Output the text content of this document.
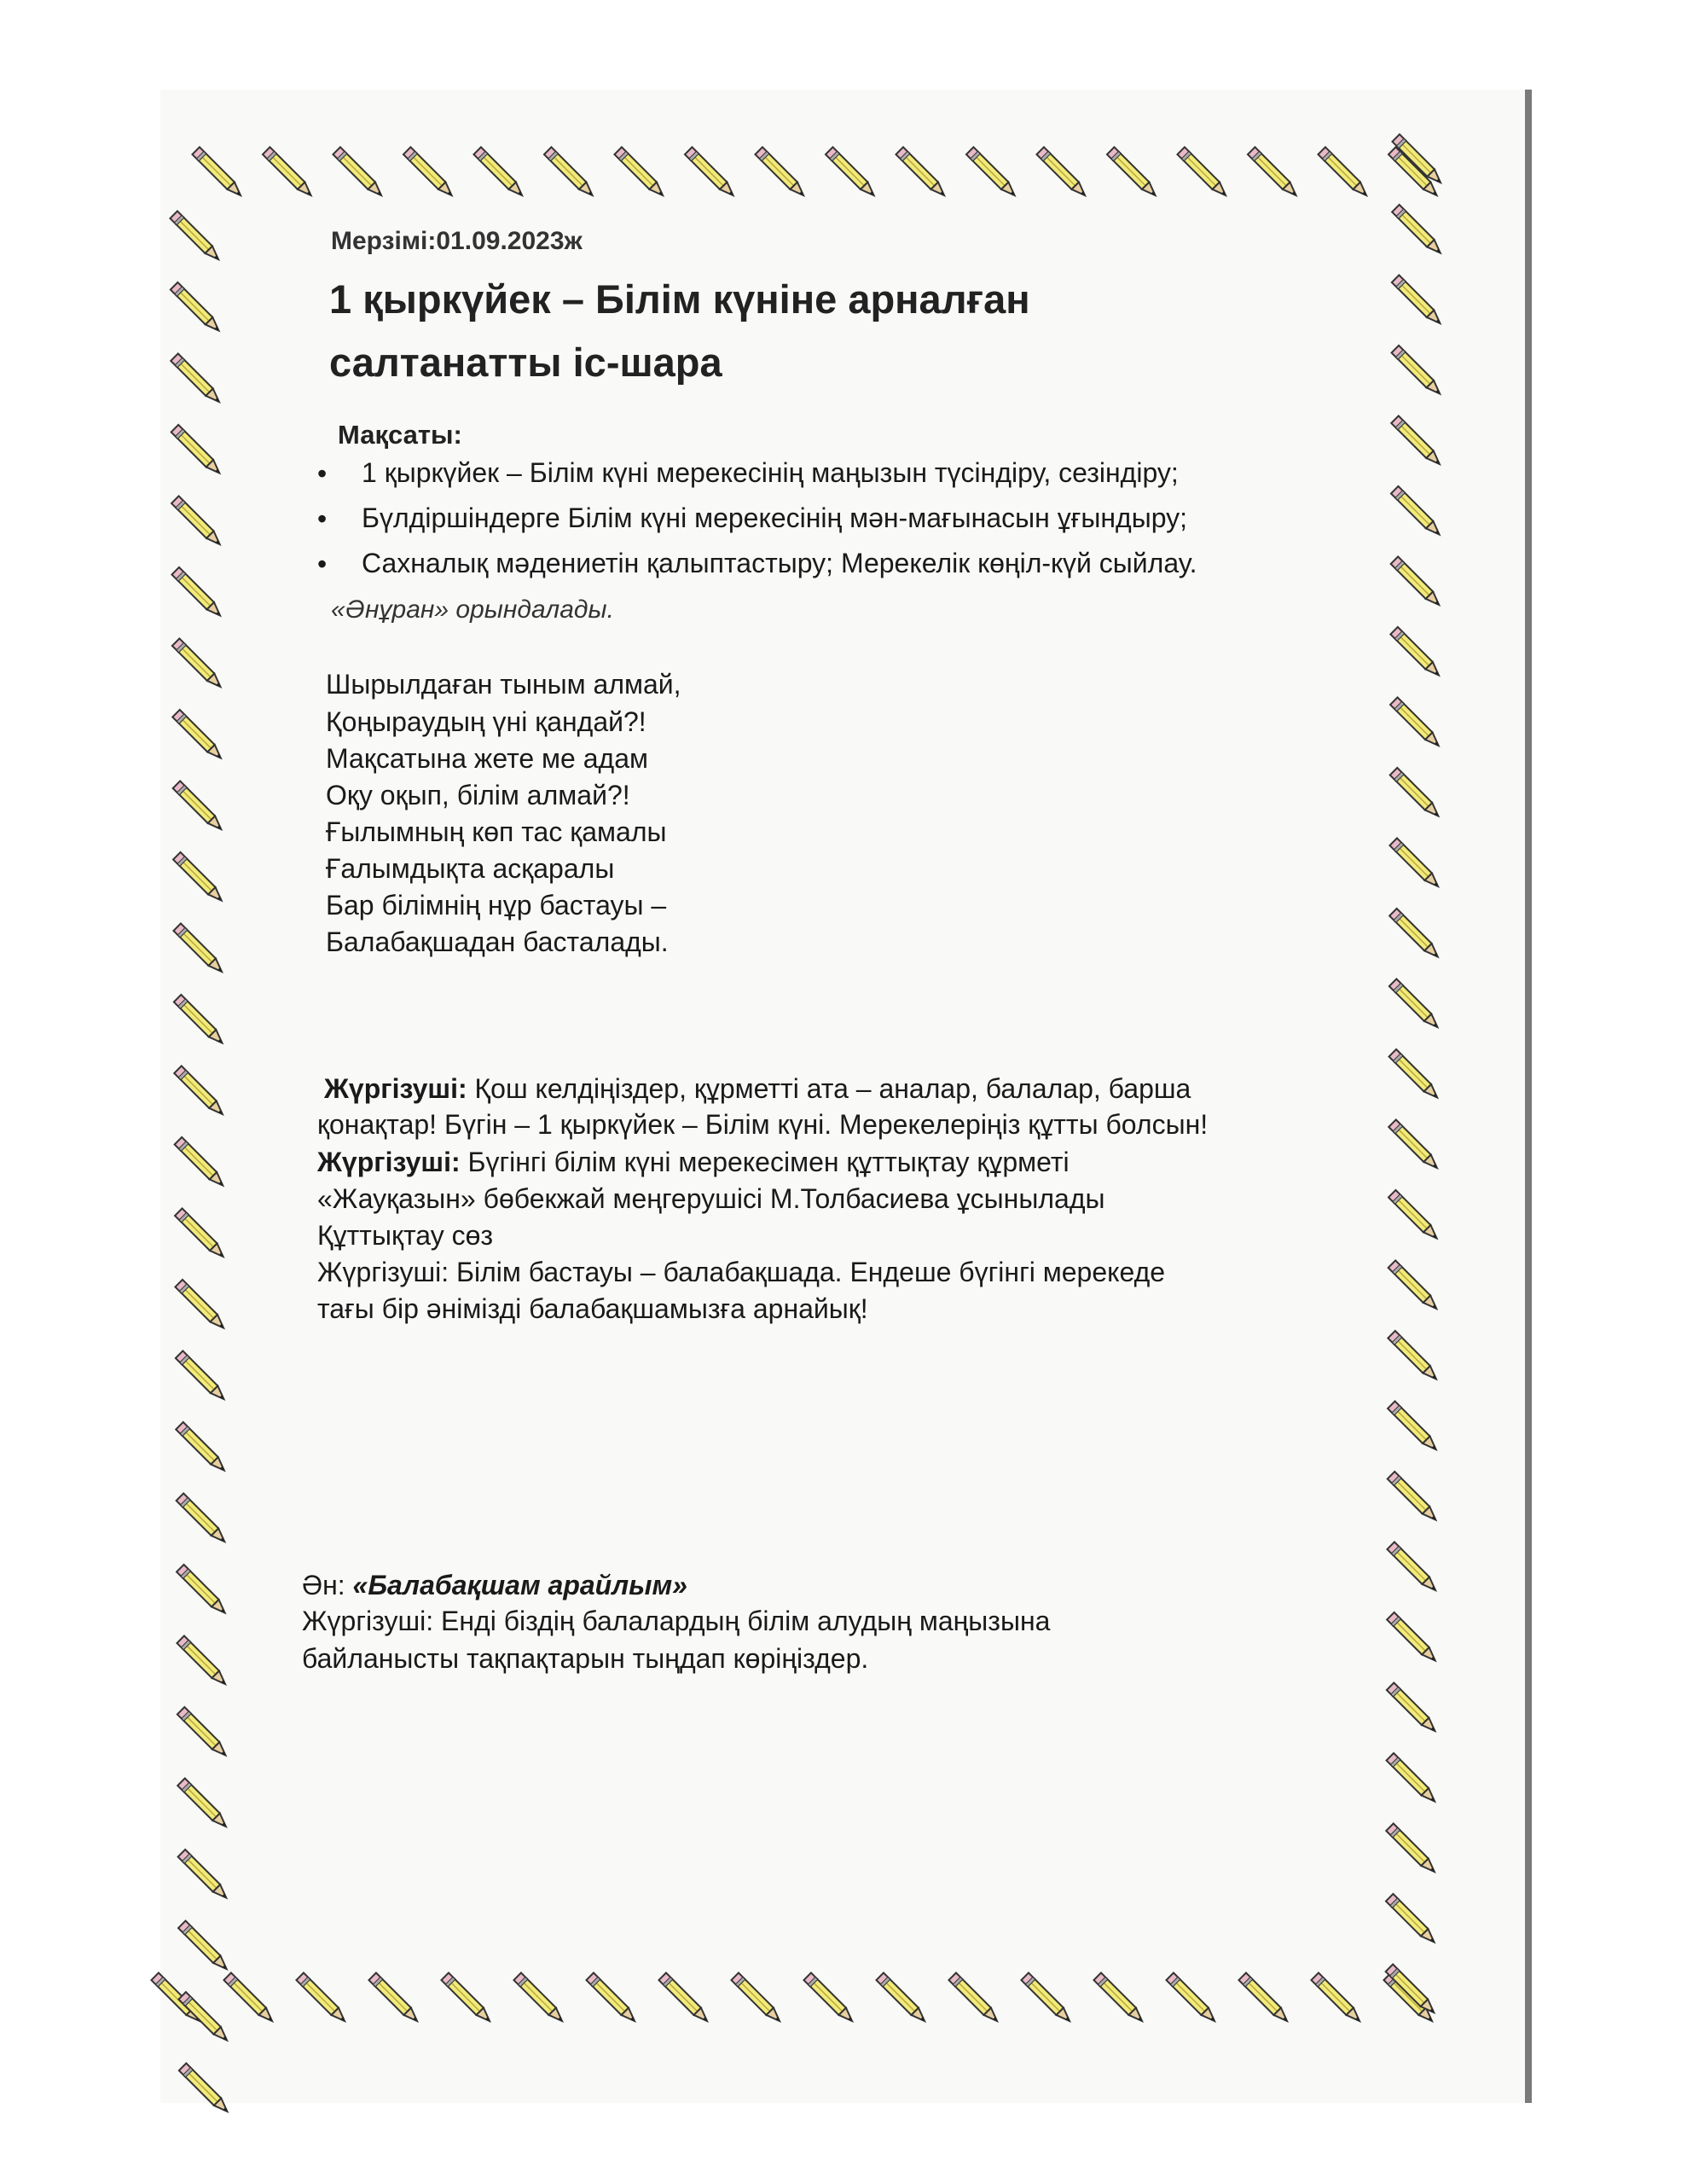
Мерзімі:01.09.2023ж
1 қыркүйек – Білім күніне арналған
салтанатты іс-шара
Мақсаты:
•
•
•
1 қыркүйек – Білім күні мерекесінің маңызын түсіндіру, сезіндіру;
Бүлдіршіндерге Білім күні мерекесінің мән-мағынасын ұғындыру;
Сахналық мәдениетін қалыптастыру; Мерекелік көңіл-күй сыйлау.
«Әнұран» орындалады.
Шырылдаған тыным алмай,
Қоңыраудың үні қандай?!
Мақсатына жете ме адам
Оқу оқып, білім алмай?!
Ғылымның көп тас қамалы
Ғалымдықта асқаралы
Бар білімнің нұр бастауы –
Балабақшадан басталады.
Жүргізуші: Қош келдіңіздер, құрметті ата – аналар, балалар, барша
қонақтар! Бүгін – 1 қыркүйек – Білім күні. Мерекелеріңіз құтты болсын!
Жүргізуші: Бүгінгі білім күні мерекесімен құттықтау құрметі
«Жауқазын» бөбекжай меңгерушісі М.Толбасиева ұсынылады
Құттықтау сөз
Жүргізуші: Білім бастауы – балабақшада. Ендеше бүгінгі мерекеде
тағы бір әнімізді балабақшамызға арнайық!
Ән: «Балабақшам арайлым»
Жүргізуші: Енді біздің балалардың білім алудың маңызына
байланысты тақпақтарын тыңдап көріңіздер.
